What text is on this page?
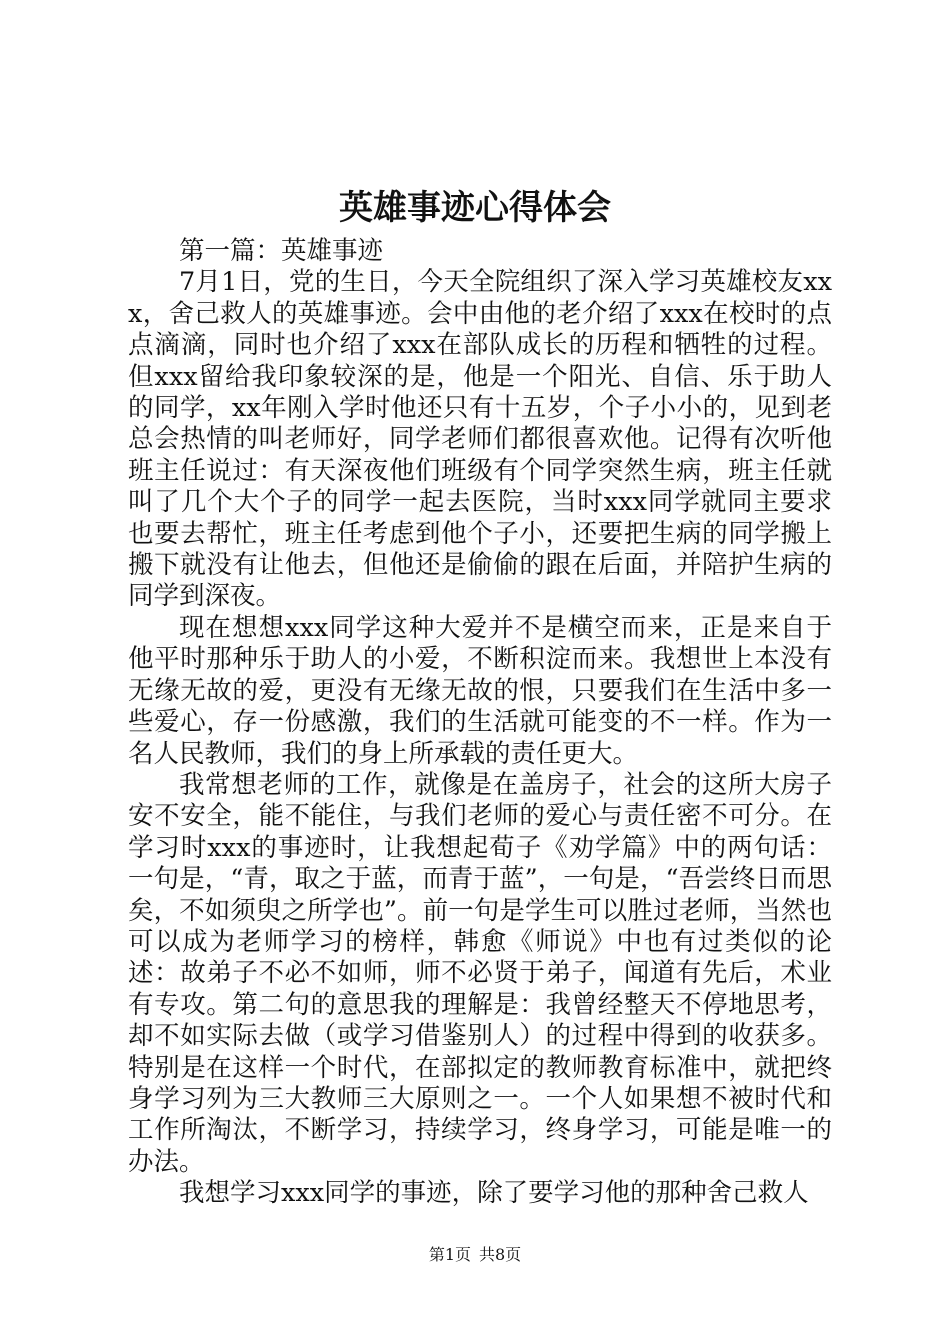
英雄事迹心得体会

第一篇：英雄事迹

7月1日，党的生日，今天全院组织了深入学习英雄校友xxx，舍己救人的英雄事迹。会中由他的老介绍了xxx在校时的点点滴滴，同时也介绍了xxx在部队成长的历程和牺牲的过程。但xxx留给我印象较深的是，他是一个阳光、自信、乐于助人的同学，xx年刚入学时他还只有十五岁，个子小小的，见到老总会热情的叫老师好，同学老师们都很喜欢他。记得有次听他班主任说过：有天深夜他们班级有个同学突然生病，班主任就叫了几个大个子的同学一起去医院，当时xxx同学就同主要求也要去帮忙，班主任考虑到他个子小，还要把生病的同学搬上搬下就没有让他去，但他还是偷偷的跟在后面，并陪护生病的同学到深夜。

现在想想xxx同学这种大爱并不是横空而来，正是来自于他平时那种乐于助人的小爱，不断积淀而来。我想世上本没有无缘无故的爱，更没有无缘无故的恨，只要我们在生活中多一些爱心，存一份感激，我们的生活就可能变的不一样。作为一名人民教师，我们的身上所承载的责任更大。

我常想老师的工作，就像是在盖房子，社会的这所大房子安不安全，能不能住，与我们老师的爱心与责任密不可分。在学习时xxx的事迹时，让我想起荀子《劝学篇》中的两句话：一句是，“青，取之于蓝，而青于蓝”，一句是，“吾尝终日而思矣，不如须臾之所学也”。前一句是学生可以胜过老师，当然也可以成为老师学习的榜样，韩愈《师说》中也有过类似的论述：故弟子不必不如师，师不必贤于弟子，闻道有先后，术业有专攻。第二句的意思我的理解是：我曾经整天不停地思考，却不如实际去做（或学习借鉴别人）的过程中得到的收获多。特别是在这样一个时代，在部拟定的教师教育标准中，就把终身学习列为三大教师三大原则之一。一个人如果想不被时代和工作所淘汰，不断学习，持续学习，终身学习，可能是唯一的办法。

我想学习xxx同学的事迹，除了要学习他的那种舍己救人

第1页 共8页
